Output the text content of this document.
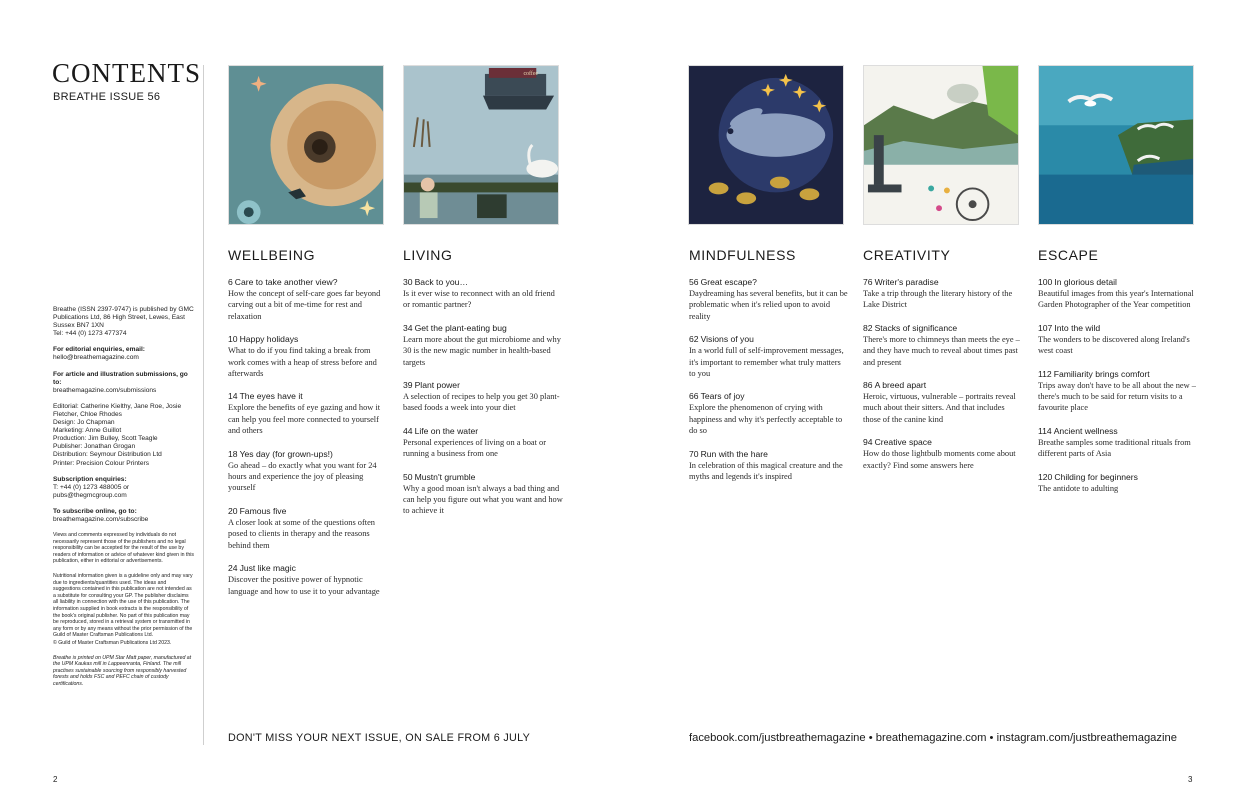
CONTENTS
BREATHE ISSUE 56
Breathe (ISSN 2397-9747) is published by GMC Publications Ltd, 86 High Street, Lewes, East Sussex BN7 1XN
Tel: +44 (0) 1273 477374
For editorial enquiries, email:
hello@breathemagazine.com
For article and illustration submissions, go to:
breathemagazine.com/submissions
Editorial: Catherine Kielthy, Jane Roe, Josie Fletcher, Chloe Rhodes
Design: Jo Chapman
Marketing: Anne Guillot
Production: Jim Bulley, Scott Teagle
Publisher: Jonathan Grogan
Distribution: Seymour Distribution Ltd
Printer: Precision Colour Printers
Subscription enquiries:
T: +44 (0) 1273 488005 or pubs@thegmcgroup.com
To subscribe online, go to:
breathemagazine.com/subscribe
Views and comments expressed by individuals do not necessarily represent those of the publishers and no legal responsibility can be accepted for the result of the use by readers of information or advice of whatever kind given in this publication, either in editorial or advertisements.
Nutritional information given is a guideline only and may vary due to ingredients/quantities used. The ideas and suggestions contained in this publication are not intended as a substitute for consulting your GP. The publisher disclaims all liability in connection with the use of this publication. The information supplied in book extracts is the responsibility of the book's original publisher. No part of this publication may be reproduced, stored in a retrieval system or transmitted in any form or by any means without the prior permission of the Guild of Master Craftsman Publications Ltd.
© Guild of Master Craftsman Publications Ltd 2023.
Breathe is printed on UPM Star Matt paper, manufactured at the UPM Kaukas mill in Lappeenranta, Finland. The mill practises sustainable sourcing from responsibly harvested forests and holds FSC and PEFC chain of custody certifications.
coffee
WELLBEING
6 Care to take another view?
How the concept of self-care goes far beyond carving out a bit of me-time for rest and relaxation
10 Happy holidays
What to do if you find taking a break from work comes with a heap of stress before and afterwards
14 The eyes have it
Explore the benefits of eye gazing and how it can help you feel more connected to yourself and others
18 Yes day (for grown-ups!)
Go ahead – do exactly what you want for 24 hours and experience the joy of pleasing yourself
20 Famous five
A closer look at some of the questions often posed to clients in therapy and the reasons behind them
24 Just like magic
Discover the positive power of hypnotic language and how to use it to your advantage
LIVING
30 Back to you…
Is it ever wise to reconnect with an old friend or romantic partner?
34 Get the plant-eating bug
Learn more about the gut microbiome and why 30 is the new magic number in health-based targets
39 Plant power
A selection of recipes to help you get 30 plant-based foods a week into your diet
44 Life on the water
Personal experiences of living on a boat or running a business from one
50 Mustn't grumble
Why a good moan isn't always a bad thing and can help you figure out what you want and how to achieve it
MINDFULNESS
56 Great escape?
Daydreaming has several benefits, but it can be problematic when it's relied upon to avoid reality
62 Visions of you
In a world full of self-improvement messages, it's important to remember what truly matters to you
66 Tears of joy
Explore the phenomenon of crying with happiness and why it's perfectly acceptable to do so
70 Run with the hare
In celebration of this magical creature and the myths and legends it's inspired
CREATIVITY
76 Writer's paradise
Take a trip through the literary history of the Lake District
82 Stacks of significance
There's more to chimneys than meets the eye – and they have much to reveal about times past and present
86 A breed apart
Heroic, virtuous, vulnerable – portraits reveal much about their sitters. And that includes those of the canine kind
94 Creative space
How do those lightbulb moments come about exactly? Find some answers here
ESCAPE
100 In glorious detail
Beautiful images from this year's International Garden Photographer of the Year competition
107 Into the wild
The wonders to be discovered along Ireland's west coast
112 Familiarity brings comfort
Trips away don't have to be all about the new – there's much to be said for return visits to a favourite place
114 Ancient wellness
Breathe samples some traditional rituals from different parts of Asia
120 Childing for beginners
The antidote to adulting
DON'T MISS YOUR NEXT ISSUE, ON SALE FROM 6 JULY	facebook.com/justbreathemagazine • breathemagazine.com • instagram.com/justbreathemagazine
2	3
